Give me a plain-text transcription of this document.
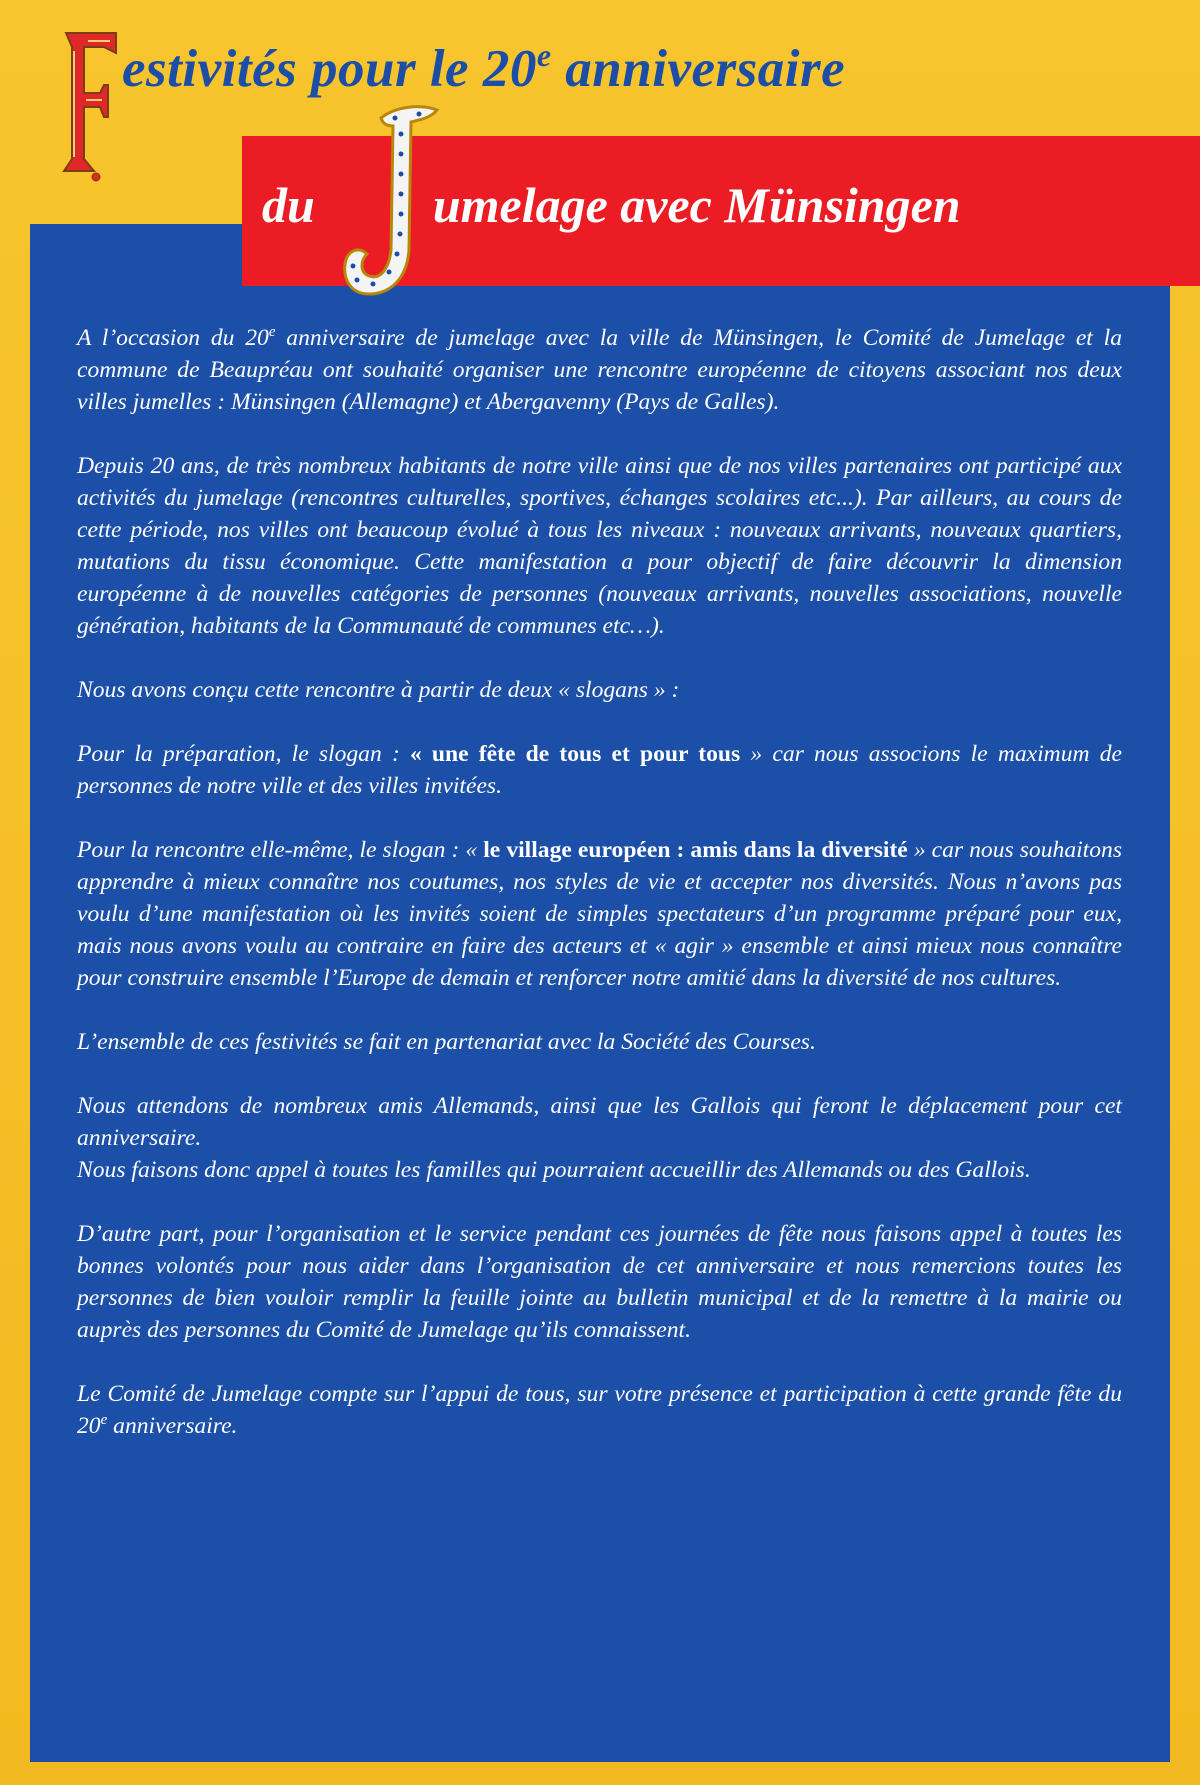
estivités pour le 20e anniversaire
du umelage avec Münsingen

A l’occasion du 20e anniversaire de jumelage avec la ville de Münsingen, le Comité de Jumelage et la commune de Beaupréau ont souhaité organiser une rencontre européenne de citoyens associant nos deux villes jumelles : Münsingen (Allemagne) et Abergavenny (Pays de Galles).

Depuis 20 ans, de très nombreux habitants de notre ville ainsi que de nos villes partenaires ont participé aux activités du jumelage (rencontres culturelles, sportives, échanges scolaires etc...). Par ailleurs, au cours de cette période, nos villes ont beaucoup évolué à tous les niveaux : nouveaux arrivants, nouveaux quartiers, mutations du tissu économique. Cette manifestation a pour objectif de faire découvrir la dimension européenne à de nouvelles catégories de personnes (nouveaux arrivants, nouvelles associations, nouvelle génération, habitants de la Communauté de communes etc…).

Nous avons conçu cette rencontre à partir de deux « slogans » :

Pour la préparation, le slogan : « une fête de tous et pour tous » car nous associons le maximum de personnes de notre ville et des villes invitées.

Pour la rencontre elle-même, le slogan : « le village européen : amis dans la diversité » car nous souhaitons apprendre à mieux connaître nos coutumes, nos styles de vie et accepter nos diversités. Nous n’avons pas voulu d’une manifestation où les invités soient de simples spectateurs d’un programme préparé pour eux, mais nous avons voulu au contraire en faire des acteurs et « agir » ensemble et ainsi mieux nous connaître pour construire ensemble l’Europe de demain et renforcer notre amitié dans la diversité de nos cultures.

L’ensemble de ces festivités se fait en partenariat avec la Société des Courses.

Nous attendons de nombreux amis Allemands, ainsi que les Gallois qui feront le déplacement pour cet anniversaire.

Nous faisons donc appel à toutes les familles qui pourraient accueillir des Allemands ou des Gallois.

D’autre part, pour l’organisation et le service pendant ces journées de fête nous faisons appel à toutes les bonnes volontés pour nous aider dans l’organisation de cet anniversaire et nous remercions toutes les personnes de bien vouloir remplir la feuille jointe au bulletin municipal et de la remettre à la mairie ou auprès des personnes du Comité de Jumelage qu’ils connaissent.

Le Comité de Jumelage compte sur l’appui de tous, sur votre présence et participation à cette grande fête du 20e anniversaire.
